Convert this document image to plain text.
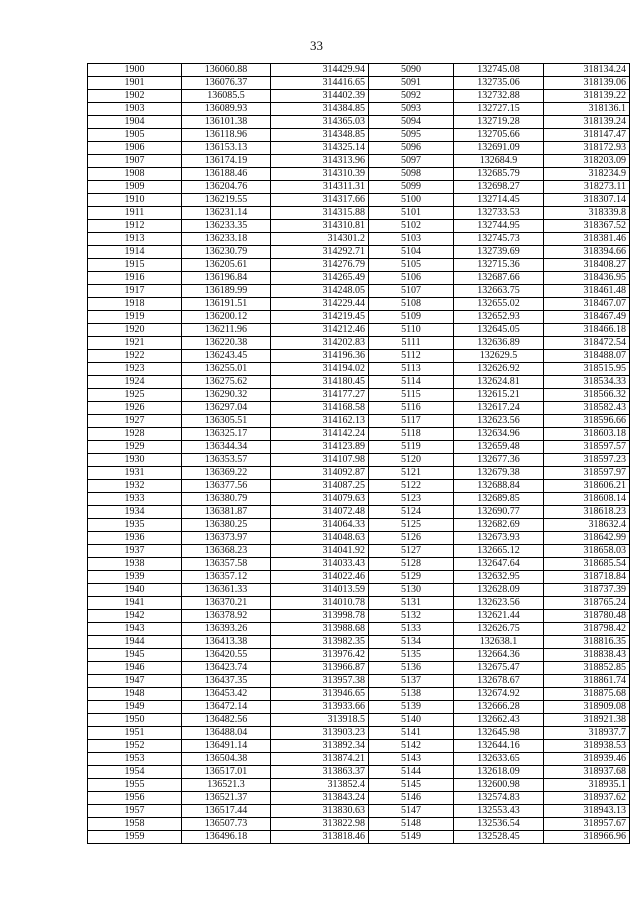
33
1900	136060.88	314429.94	5090	132745.08	318134.24
1901	136076.37	314416.65	5091	132735.06	318139.06
1902	136085.5	314402.39	5092	132732.88	318139.22
1903	136089.93	314384.85	5093	132727.15	318136.1
1904	136101.38	314365.03	5094	132719.28	318139.24
1905	136118.96	314348.85	5095	132705.66	318147.47
1906	136153.13	314325.14	5096	132691.09	318172.93
1907	136174.19	314313.96	5097	132684.9	318203.09
1908	136188.46	314310.39	5098	132685.79	318234.9
1909	136204.76	314311.31	5099	132698.27	318273.11
1910	136219.55	314317.66	5100	132714.45	318307.14
1911	136231.14	314315.88	5101	132733.53	318339.8
1912	136233.35	314310.81	5102	132744.95	318367.52
1913	136233.18	314301.2	5103	132745.73	318381.46
1914	136230.79	314292.71	5104	132739.69	318394.66
1915	136205.61	314276.79	5105	132715.36	318408.27
1916	136196.84	314265.49	5106	132687.66	318436.95
1917	136189.99	314248.05	5107	132663.75	318461.48
1918	136191.51	314229.44	5108	132655.02	318467.07
1919	136200.12	314219.45	5109	132652.93	318467.49
1920	136211.96	314212.46	5110	132645.05	318466.18
1921	136220.38	314202.83	5111	132636.89	318472.54
1922	136243.45	314196.36	5112	132629.5	318488.07
1923	136255.01	314194.02	5113	132626.92	318515.95
1924	136275.62	314180.45	5114	132624.81	318534.33
1925	136290.32	314177.27	5115	132615.21	318566.32
1926	136297.04	314168.58	5116	132617.24	318582.43
1927	136305.51	314162.13	5117	132623.56	318596.66
1928	136325.17	314142.24	5118	132634.96	318603.18
1929	136344.34	314123.89	5119	132659.48	318597.57
1930	136353.57	314107.98	5120	132677.36	318597.23
1931	136369.22	314092.87	5121	132679.38	318597.97
1932	136377.56	314087.25	5122	132688.84	318606.21
1933	136380.79	314079.63	5123	132689.85	318608.14
1934	136381.87	314072.48	5124	132690.77	318618.23
1935	136380.25	314064.33	5125	132682.69	318632.4
1936	136373.97	314048.63	5126	132673.93	318642.99
1937	136368.23	314041.92	5127	132665.12	318658.03
1938	136357.58	314033.43	5128	132647.64	318685.54
1939	136357.12	314022.46	5129	132632.95	318718.84
1940	136361.33	314013.59	5130	132628.09	318737.39
1941	136370.21	314010.78	5131	132623.56	318765.24
1942	136378.92	313998.78	5132	132621.44	318780.48
1943	136393.26	313988.68	5133	132626.75	318798.42
1944	136413.38	313982.35	5134	132638.1	318816.35
1945	136420.55	313976.42	5135	132664.36	318838.43
1946	136423.74	313966.87	5136	132675.47	318852.85
1947	136437.35	313957.38	5137	132678.67	318861.74
1948	136453.42	313946.65	5138	132674.92	318875.68
1949	136472.14	313933.66	5139	132666.28	318909.08
1950	136482.56	313918.5	5140	132662.43	318921.38
1951	136488.04	313903.23	5141	132645.98	318937.7
1952	136491.14	313892.34	5142	132644.16	318938.53
1953	136504.38	313874.21	5143	132633.65	318939.46
1954	136517.01	313863.37	5144	132618.09	318937.68
1955	136521.3	313852.4	5145	132600.98	318935.1
1956	136521.37	313843.24	5146	132574.83	318937.62
1957	136517.44	313830.63	5147	132553.43	318943.13
1958	136507.73	313822.98	5148	132536.54	318957.67
1959	136496.18	313818.46	5149	132528.45	318966.96
